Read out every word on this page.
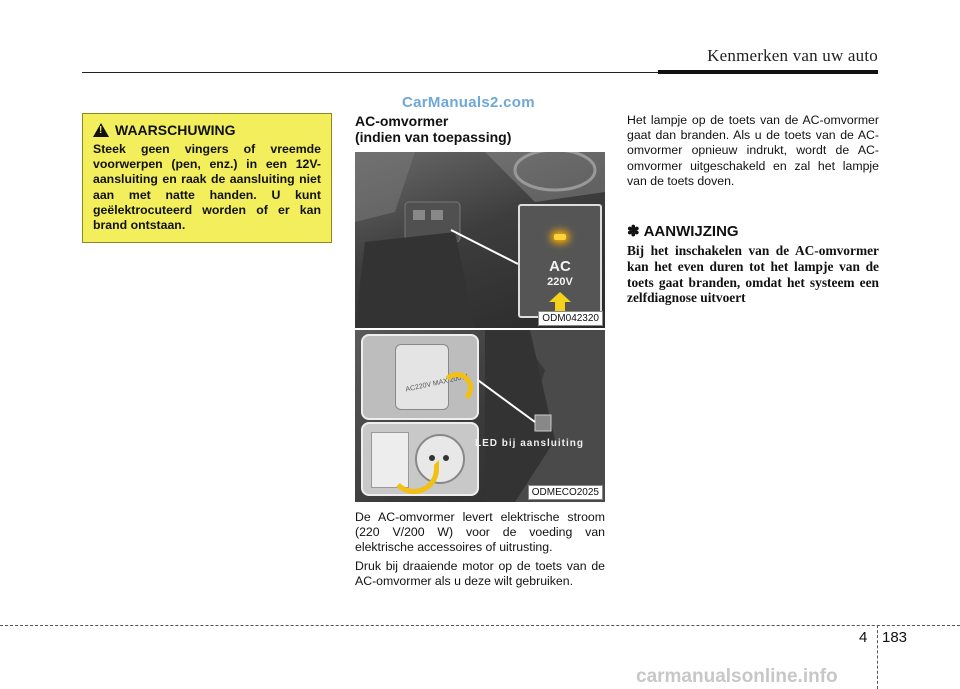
Kenmerken van uw auto
CarManuals2.com
!
WAARSCHUWING
Steek geen vingers of vreemde voorwerpen (pen, enz.) in een 12V-aansluiting en raak de aansluiting niet aan met natte handen. U kunt geëlektrocuteerd worden of er kan brand ontstaan.
AC-omvormer
(indien van toepassing)
AC
220V
ODM042320
AC220V MAX 200W
LED bij aansluiting
ODMECO2025
De AC-omvormer levert elektrische stroom (220 V/200 W) voor de voeding van elektrische accessoires of uitrusting.
Druk bij draaiende motor op de toets van de AC-omvormer als u deze wilt gebruiken.
Het lampje op de toets van de AC-omvormer gaat dan branden. Als u de toets van de AC-omvormer opnieuw indrukt, wordt de AC-omvormer uitgeschakeld en zal het lampje van de toets doven.
✽ AANWIJZING
Bij het inschakelen van de AC-omvormer kan het even duren tot het lampje van de toets gaat branden, omdat het systeem een zelfdiagnose uitvoert
4 183
carmanualsonline.info
